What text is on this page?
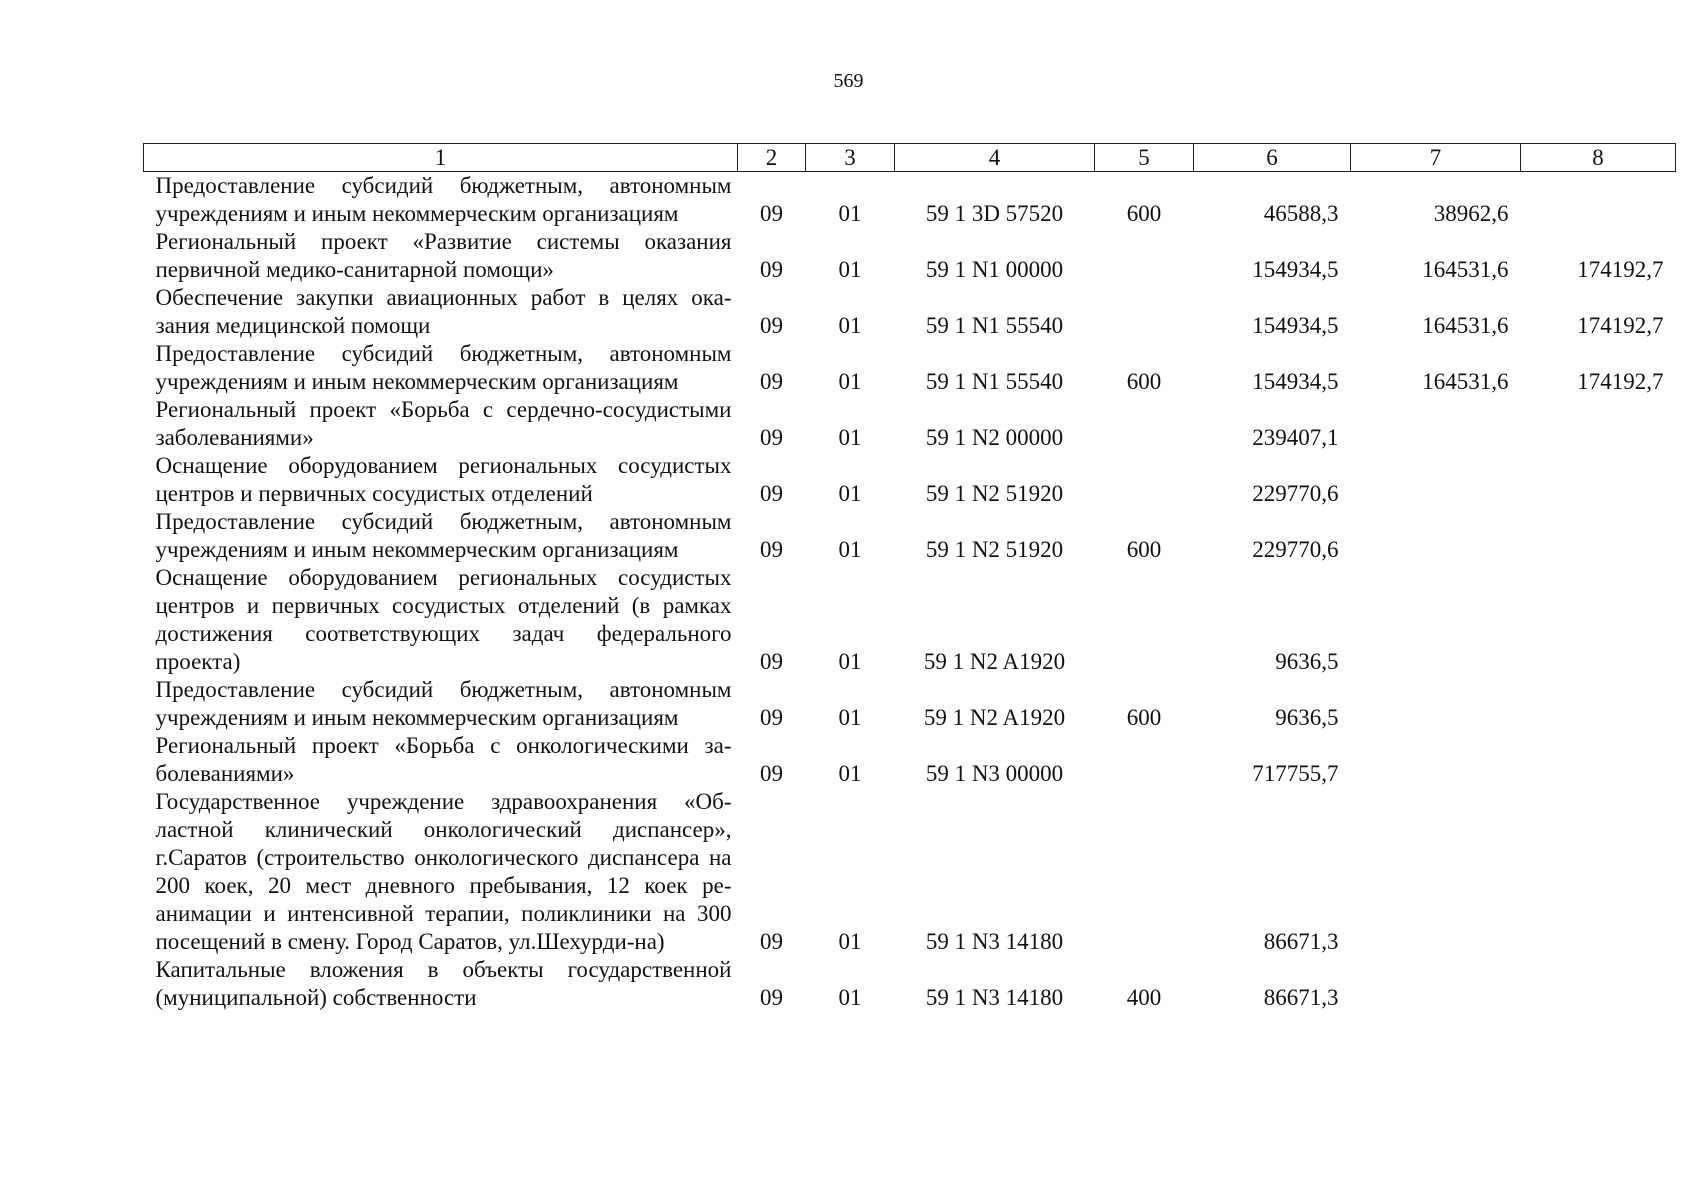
569
1	2	3	4	5	6	7	8
Предоставление субсидий бюджетным, автономным учреждениям и иным некоммерческим организациям	09	01	59 1 3D 57520	600	46588,3	38962,6	
Региональный проект «Развитие системы оказания первичной медико-санитарной помощи»	09	01	59 1 N1 00000		154934,5	164531,6	174192,7
Обеспечение закупки авиационных работ в целях ока-зания медицинской помощи	09	01	59 1 N1 55540		154934,5	164531,6	174192,7
Предоставление субсидий бюджетным, автономным учреждениям и иным некоммерческим организациям	09	01	59 1 N1 55540	600	154934,5	164531,6	174192,7
Региональный проект «Борьба с сердечно-сосудистыми заболеваниями»	09	01	59 1 N2 00000		239407,1		
Оснащение оборудованием региональных сосудистых центров и первичных сосудистых отделений	09	01	59 1 N2 51920		229770,6		
Предоставление субсидий бюджетным, автономным учреждениям и иным некоммерческим организациям	09	01	59 1 N2 51920	600	229770,6		
Оснащение оборудованием региональных сосудистых центров и первичных сосудистых отделений (в рамках достижения соответствующих задач федерального проекта)	09	01	59 1 N2 A1920		9636,5		
Предоставление субсидий бюджетным, автономным учреждениям и иным некоммерческим организациям	09	01	59 1 N2 A1920	600	9636,5		
Региональный проект «Борьба с онкологическими за-болеваниями»	09	01	59 1 N3 00000		717755,7		
Государственное учреждение здравоохранения «Об-ластной клинический онкологический диспансер», г.Саратов (строительство онкологического диспансера на 200 коек, 20 мест дневного пребывания, 12 коек ре-анимации и интенсивной терапии, поликлиники на 300 посещений в смену. Город Саратов, ул.Шехурди-на)	09	01	59 1 N3 14180		86671,3		
Капитальные вложения в объекты государственной (муниципальной) собственности	09	01	59 1 N3 14180	400	86671,3		
